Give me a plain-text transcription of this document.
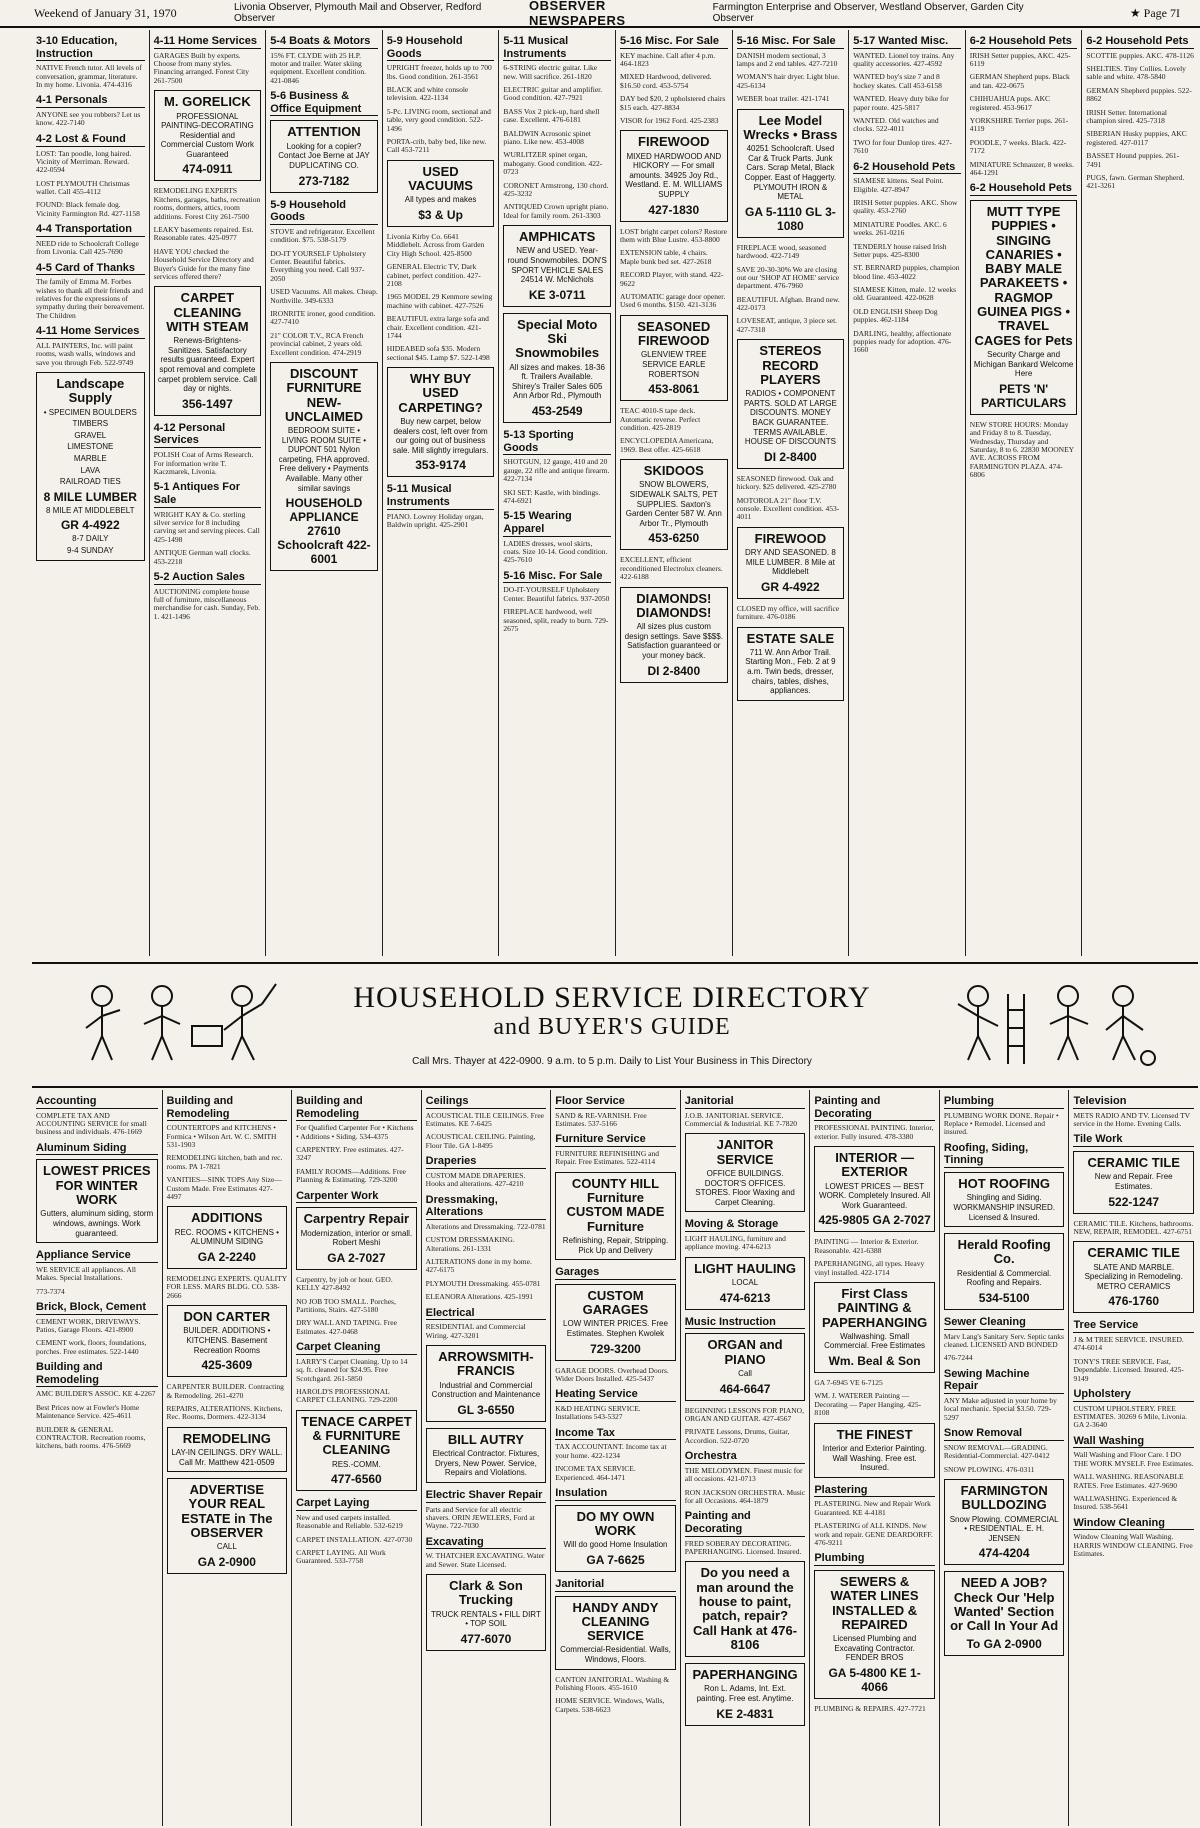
Weekend of January 31, 1970	Livonia Observer, Plymouth Mail and Observer, Redford Observer
OBSERVER NEWSPAPERS
Farmington Enterprise and Observer, Westland Observer, Garden City Observer	★ Page 7I
3-10 Education, Instruction
NATIVE French tutor. All levels of conversation, grammar, literature. In my home. Livonia. 474-4316
4-1 Personals
ANYONE see you robbers? Let us know. 422-7140
4-2 Lost & Found
LOST: Tan poodle, long haired. Vicinity of Merriman. Reward. 422-0594
LOST PLYMOUTH Christmas wallet. Call 455-4112
FOUND: Black female dog. Vicinity Farmington Rd. 427-1158
4-4 Transportation
NEED ride to Schoolcraft College from Livonia. Call 425-7690
4-5 Card of Thanks
The family of Emma M. Forbes wishes to thank all their friends and relatives for the expressions of sympathy during their bereavement. The Children
4-11 Home Services
ALL PAINTERS, Inc. will paint rooms, wash walls, windows and save you through Feb. 522-9749
Landscape Supply
• SPECIMEN BOULDERS
TIMBERS
GRAVEL
LIMESTONE
MARBLE
LAVA
RAILROAD TIES
8 MILE LUMBER
8 MILE AT MIDDLEBELT
GR 4-4922
8-7 DAILY
9-4 SUNDAY
4-11 Home Services
GARAGES Built by experts. Choose from many styles. Financing arranged. Forest City 261-7500
M. GORELICK
PROFESSIONAL PAINTING-DECORATING Residential and Commercial Custom Work Guaranteed
474-0911
REMODELING EXPERTS Kitchens, garages, baths, recreation rooms, dormers, attics, room additions. Forest City 261-7500
LEAKY basements repaired. Est. Reasonable rates. 425-0977
HAVE YOU checked the Household Service Directory and Buyer's Guide for the many fine services offered there?
CARPET CLEANING WITH STEAM
Renews-Brightens-Sanitizes. Satisfactory results guaranteed. Expert spot removal and complete carpet problem service. Call day or nights.
356-1497
4-12 Personal Services
POLISH Coat of Arms Research. For information write T. Kaczmarek, Livonia.
5-1 Antiques For Sale
WRIGHT KAY & Co. sterling silver service for 8 including carving set and serving pieces. Call 425-1498
ANTIQUE German wall clocks. 453-2218
5-2 Auction Sales
AUCTIONING complete house full of furniture, miscellaneous merchandise for cash. Sunday, Feb. 1. 421-1496
5-4 Boats & Motors
15% FT. CLYDE with 25 H.P. motor and trailer. Water skiing equipment. Excellent condition. 421-0846
5-6 Business & Office Equipment
ATTENTION
Looking for a copier? Contact Joe Berne at JAY DUPLICATING CO.
273-7182
5-9 Household Goods
STOVE and refrigerator. Excellent condition. $75. 538-5179
DO-IT YOURSELF Upholstery Center. Beautiful fabrics. Everything you need. Call 937-2050
USED Vacuums. All makes. Cheap. Northville. 349-6333
IRONRITE ironer, good condition. 427-7410
21" COLOR T.V., RCA French provincial cabinet, 2 years old. Excellent condition. 474-2919
DISCOUNT FURNITURE NEW-UNCLAIMED
BEDROOM SUITE • LIVING ROOM SUITE • DUPONT 501 Nylon carpeting, FHA approved. Free delivery • Payments Available. Many other similar savings
HOUSEHOLD APPLIANCE 27610 Schoolcraft 422-6001
5-9 Household Goods
UPRIGHT freezer, holds up to 700 lbs. Good condition. 261-3561
BLACK and white console television. 422-1134
5-Pc. LIVING room, sectional and table, very good condition. 522-1496
PORTA-crib, baby bed, like new. Call 453-7211
USED VACUUMS
All types and makes
$3 & Up
Livonia Kirby Co. 6641 Middlebelt. Across from Garden City High School. 425-8500
GENERAL Electric TV, Dark cabinet, perfect condition. 427-2108
1965 MODEL 29 Kenmore sewing machine with cabinet. 427-7526
BEAUTIFUL extra large sofa and chair. Excellent condition. 421-1744
HIDEABED sofa $35. Modern sectional $45. Lamp $7. 522-1498
WHY BUY USED CARPETING?
Buy new carpet, below dealers cost, left over from our going out of business sale. Mill slightly irregulars.
353-9174
5-11 Musical Instruments
PIANO. Lowrey Holiday organ, Baldwin upright. 425-2901
5-11 Musical Instruments
6-STRING electric guitar. Like new. Will sacrifice. 261-1820
ELECTRIC guitar and amplifier. Good condition. 427-7921
BASS Vox 2 pick-up, hard shell case. Excellent. 476-6181
BALDWIN Acrosonic spinet piano. Like new. 453-4008
WURLITZER spinet organ, mahogany. Good condition. 422-0723
CORONET Armstrong, 130 chord. 425-3232
ANTIQUED Crown upright piano. Ideal for family room. 261-3303
AMPHICATS
NEW and USED. Year-round Snowmobiles. DON'S SPORT VEHICLE SALES 24514 W. McNichols
KE 3-0711
Special Moto Ski Snowmobiles
All sizes and makes. 18-36 ft. Trailers Available. Shirey's Trailer Sales 605 Ann Arbor Rd., Plymouth
453-2549
5-13 Sporting Goods
SHOTGUN, 12 gauge, 410 and 20 gauge, 22 rifle and antique firearm. 422-7134
SKI SET: Kastle, with bindings. 474-6921
5-15 Wearing Apparel
LADIES dresses, wool skirts, coats. Size 10-14. Good condition. 425-7610
5-16 Misc. For Sale
DO-IT-YOURSELF Upholstery Center. Beautiful fabrics. 937-2050
FIREPLACE hardwood, well seasoned, split, ready to burn. 729-2675
5-16 Misc. For Sale
KEY machine. Call after 4 p.m. 464-1823
MIXED Hardwood, delivered. $16.50 cord. 453-5754
DAY bed $20, 2 upholstered chairs $15 each. 427-8834
VISOR for 1962 Ford. 425-2383
FIREWOOD
MIXED HARDWOOD AND HICKORY — For small amounts. 34925 Joy Rd., Westland. E. M. WILLIAMS SUPPLY
427-1830
LOST bright carpet colors? Restore them with Blue Lustre. 453-8800
EXTENSION table, 4 chairs. Maple bunk bed set. 427-2618
RECORD Player, with stand. 422-9622
AUTOMATIC garage door opener. Used 6 months. $150. 421-3136
SEASONED FIREWOOD
GLENVIEW TREE SERVICE EARLE ROBERTSON
453-8061
TEAC 4010-S tape deck. Automatic reverse. Perfect condition. 425-2819
ENCYCLOPEDIA Americana, 1969. Best offer. 425-6618
SKIDOOS
SNOW BLOWERS, SIDEWALK SALTS, PET SUPPLIES. Saxton's Garden Center 587 W. Ann Arbor Tr., Plymouth
453-6250
EXCELLENT, efficient reconditioned Electrolux cleaners. 422-6188
DIAMONDS! DIAMONDS!
All sizes plus custom design settings. Save $$$$. Satisfaction guaranteed or your money back.
DI 2-8400
5-16 Misc. For Sale
DANISH modern sectional, 3 lamps and 2 end tables. 427-7210
WOMAN'S hair dryer. Light blue. 425-6134
WEBER boat trailer. 421-1741
Lee Model Wrecks • Brass
40251 Schoolcraft. Used Car & Truck Parts. Junk Cars. Scrap Metal, Black Copper. East of Haggerty. PLYMOUTH IRON & METAL
GA 5-1110 GL 3-1080
FIREPLACE wood, seasoned hardwood. 422-7149
SAVE 20-30-30% We are closing out our 'SHOP AT HOME' service department. 476-7960
BEAUTIFUL Afghan. Brand new. 422-0173
LOVESEAT, antique, 3 piece set. 427-7318
STEREOS RECORD PLAYERS
RADIOS • COMPONENT PARTS. SOLD AT LARGE DISCOUNTS. MONEY BACK GUARANTEE. TERMS AVAILABLE. HOUSE OF DISCOUNTS
DI 2-8400
SEASONED firewood. Oak and hickory. $25 delivered. 425-2780
MOTOROLA 21" floor T.V. console. Excellent condition. 453-4011
FIREWOOD
DRY AND SEASONED. 8 MILE LUMBER. 8 Mile at Middlebelt
GR 4-4922
CLOSED my office, will sacrifice furniture. 476-0186
ESTATE SALE
711 W. Ann Arbor Trail. Starting Mon., Feb. 2 at 9 a.m. Twin beds, dresser, chairs, tables, dishes, appliances.
5-17 Wanted Misc.
WANTED. Lionel toy trains. Any quality accessories. 427-4592
WANTED boy's size 7 and 8 hockey skates. Call 453-6158
WANTED. Heavy duty bike for paper route. 425-5817
WANTED. Old watches and clocks. 522-4011
TWO for four Dunlop tires. 427-7610
6-2 Household Pets
SIAMESE kittens. Seal Point. Eligible. 427-8947
IRISH Setter puppies. AKC. Show quality. 453-2760
MINIATURE Poodles. AKC. 6 weeks. 261-0216
TENDERLY house raised Irish Setter pups. 425-8300
ST. BERNARD puppies, champion blood line. 453-4022
SIAMESE Kitten, male. 12 weeks old. Guaranteed. 422-0628
OLD ENGLISH Sheep Dog puppies. 462-1184
DARLING, healthy, affectionate puppies ready for adoption. 476-1660
6-2 Household Pets
IRISH Setter puppies, AKC. 425-6119
GERMAN Shepherd pups. Black and tan. 422-0675
CHIHUAHUA pups. AKC registered. 453-9617
YORKSHIRE Terrier pups. 261-4119
POODLE, 7 weeks. Black. 422-7172
MINIATURE Schnauzer, 8 weeks. 464-1291
6-2 Household Pets
MUTT TYPE PUPPIES • SINGING CANARIES • BABY MALE PARAKEETS • RAGMOP GUINEA PIGS • TRAVEL CAGES for Pets
Security Charge and Michigan Bankard Welcome Here
PETS 'N' PARTICULARS
NEW STORE HOURS: Monday and Friday 8 to 8. Tuesday, Wednesday, Thursday and Saturday, 8 to 6. 22830 MOONEY AVE. ACROSS FROM FARMINGTON PLAZA. 474-6806
6-2 Household Pets
SCOTTIE puppies. AKC. 478-1126
SHELTIES. Tiny Collies. Lovely sable and white. 478-5840
GERMAN Shepherd puppies. 522-8862
IRISH Setter. International champion sired. 425-7318
SIBERIAN Husky puppies, AKC registered. 427-0117
BASSET Hound puppies. 261-7491
PUGS, fawn. German Shepherd. 421-3261
HOUSEHOLD SERVICE DIRECTORY
and BUYER'S GUIDE
Call Mrs. Thayer at 422-0900. 9 a.m. to 5 p.m. Daily to List Your Business in This Directory
Accounting
COMPLETE TAX AND ACCOUNTING SERVICE for small business and individuals. 476-1669
Aluminum Siding
LOWEST PRICES FOR WINTER WORK
Gutters, aluminum siding, storm windows, awnings. Work guaranteed.
Appliance Service
WE SERVICE all appliances. All Makes. Special Installations.
773-7374
Brick, Block, Cement
CEMENT WORK, DRIVEWAYS. Patios, Garage Floors. 421-8900
CEMENT work, floors, foundations, porches. Free estimates. 522-1440
Building and Remodeling
AMC BUILDER'S ASSOC. KE 4-2267
Best Prices now at Fowler's Home Maintenance Service. 425-4611
BUILDER & GENERAL CONTRACTOR. Recreation rooms, kitchens, bath rooms. 476-5669
Building and Remodeling
COUNTERTOPS and KITCHENS • Formica • Wilson Art. W. C. SMITH 531-1903
REMODELING kitchen, bath and rec. rooms. PA 1-7821
VANITIES—SINK TOPS Any Size—Custom Made. Free Estimates 427-4497
ADDITIONS
REC. ROOMS • KITCHENS • ALUMINUM SIDING
GA 2-2240
REMODELING EXPERTS. QUALITY FOR LESS. MARS BLDG. CO. 538-2666
DON CARTER
BUILDER. ADDITIONS • KITCHENS. Basement Recreation Rooms
425-3609
CARPENTER BUILDER. Contracting & Remodeling. 261-4270
REPAIRS, ALTERATIONS. Kitchens, Rec. Rooms, Dormers. 422-3134
REMODELING
LAY-IN CEILINGS. DRY WALL. Call Mr. Matthew 421-0509
ADVERTISE YOUR REAL ESTATE in The OBSERVER
CALL
GA 2-0900
Building and Remodeling
For Qualified Carpenter For • Kitchens • Additions • Siding. 534-4375
CARPENTRY. Free estimates. 427-3247
FAMILY ROOMS—Additions. Free Planning & Estimating. 729-3200
Carpenter Work
Carpentry Repair
Modernization, interior or small. Robert Meshi
GA 2-7027
Carpentry, by job or hour. GEO. KELLY 427-8492
NO JOB TOO SMALL. Porches, Partitions, Stairs. 427-5180
DRY WALL AND TAPING. Free Estimates. 427-0468
Carpet Cleaning
LARRY'S Carpet Cleaning. Up to 14 sq. ft. cleaned for $24.95. Free Scotchgard. 261-5850
HAROLD'S PROFESSIONAL CARPET CLEANING. 729-2200
TENACE CARPET & FURNITURE CLEANING
RES.-COMM.
477-6560
Carpet Laying
New and used carpets installed. Reasonable and Reliable. 532-6219
CARPET INSTALLATION. 427-0730
CARPET LAYING. All Work Guaranteed. 533-7758
Ceilings
ACOUSTICAL TILE CEILINGS. Free Estimates. KE 7-6425
ACOUSTICAL CEILING. Painting, Floor Tile. GA 1-8495
Draperies
CUSTOM MADE DRAPERIES. Hooks and alterations. 427-4210
Dressmaking, Alterations
Alterations and Dressmaking. 722-0781
CUSTOM DRESSMAKING. Alterations. 261-1331
ALTERATIONS done in my home. 427-6175
PLYMOUTH Dressmaking. 455-0781
ELEANORA Alterations. 425-1991
Electrical
RESIDENTIAL and Commercial Wiring. 427-3201
ARROWSMITH-FRANCIS
Industrial and Commercial Construction and Maintenance
GL 3-6550
BILL AUTRY
Electrical Contractor. Fixtures, Dryers, New Power. Service, Repairs and Violations.
Electric Shaver Repair
Parts and Service for all electric shavers. ORIN JEWELERS, Ford at Wayne. 722-7030
Excavating
W. THATCHER EXCAVATING. Water and Sewer. State Licensed.
Clark & Son Trucking
TRUCK RENTALS • FILL DIRT • TOP SOIL
477-6070
Floor Service
SAND & RE-VARNISH. Free Estimates. 537-5166
Furniture Service
FURNITURE REFINISHING and Repair. Free Estimates. 522-4114
COUNTY HILL Furniture CUSTOM MADE Furniture
Refinishing, Repair, Stripping. Pick Up and Delivery
Garages
CUSTOM GARAGES
LOW WINTER PRICES. Free Estimates. Stephen Kwolek
729-3200
GARAGE DOORS. Overhead Doors. Wider Doors Installed. 425-5437
Heating Service
K&D HEATING SERVICE. Installations 543-5327
Income Tax
TAX ACCOUNTANT. Income tax at your home. 422-1234
INCOME TAX SERVICE. Experienced. 464-1471
Insulation
DO MY OWN WORK
Will do good Home Insulation
GA 7-6625
Janitorial
HANDY ANDY CLEANING SERVICE
Commercial-Residential. Walls, Windows, Floors.
CANTON JANITORIAL. Washing & Polishing Floors. 455-1610
HOME SERVICE. Windows, Walls, Carpets. 538-6623
Janitorial
J.O.B. JANITORIAL SERVICE. Commercial & Industrial. KE 7-7820
JANITOR SERVICE
OFFICE BUILDINGS. DOCTOR'S OFFICES. STORES. Floor Waxing and Carpet Cleaning.
Moving & Storage
LIGHT HAULING, furniture and appliance moving. 474-6213
LIGHT HAULING
LOCAL
474-6213
Music Instruction
ORGAN and PIANO
Call
464-6647
BEGINNING LESSONS FOR PIANO, ORGAN AND GUITAR. 427-4567
PRIVATE Lessons, Drums, Guitar, Accordion. 522-0720
Orchestra
THE MELODYMEN. Finest music for all occasions. 421-0713
RON JACKSON ORCHESTRA. Music for all Occasions. 464-1879
Painting and Decorating
FRED SOBERAY DECORATING. PAPERHANGING. Licensed. Insured.
Do you need a man around the house to paint, patch, repair? Call Hank at 476-8106
PAPERHANGING
Ron L. Adams, Int. Ext. painting. Free est. Anytime.
KE 2-4831
Painting and Decorating
PROFESSIONAL PAINTING. Interior, exterior. Fully insured. 478-3380
INTERIOR — EXTERIOR
LOWEST PRICES — BEST WORK. Completely Insured. All Work Guaranteed.
425-9805 GA 2-7027
PAINTING — Interior & Exterior. Reasonable. 421-6388
PAPERHANGING, all types. Heavy vinyl installed. 422-1714
First Class PAINTING & PAPERHANGING
Wallwashing. Small Commercial. Free Estimates
Wm. Beal & Son
GA 7-6945 VE 6-7125
WM. J. WATERER Painting — Decorating — Paper Hanging. 425-8108
THE FINEST
Interior and Exterior Painting. Wall Washing. Free est. Insured.
Plastering
PLASTERING. New and Repair Work Guaranteed. KE 4-4181
PLASTERING of ALL KINDS. New work and repair. GENE DEARDORFF. 476-9211
Plumbing
SEWERS & WATER LINES INSTALLED & REPAIRED
Licensed Plumbing and Excavating Contractor. FENDER BROS
GA 5-4800 KE 1-4066
PLUMBING & REPAIRS. 427-7721
Plumbing
PLUMBING WORK DONE. Repair • Replace • Remodel. Licensed and insured.
Roofing, Siding, Tinning
HOT ROOFING
Shingling and Siding. WORKMANSHIP INSURED. Licensed & Insured.
Herald Roofing Co.
Residential & Commercial. Roofing and Repairs.
534-5100
Sewer Cleaning
Marv Lang's Sanitary Serv. Septic tanks cleaned. LICENSED AND BONDED
476-7244
Sewing Machine Repair
ANY Make adjusted in your home by local mechanic. Special $3.50. 729-5297
Snow Removal
SNOW REMOVAL—GRADING. Residential-Commercial. 427-0412
SNOW PLOWING. 476-0311
FARMINGTON BULLDOZING
Snow Plowing. COMMERCIAL • RESIDENTIAL. E. H. JENSEN
474-4204
NEED A JOB? Check Our 'Help Wanted' Section or Call In Your Ad
To GA 2-0900
Television
METS RADIO AND TV. Licensed TV service in the Home. Evening Calls.
Tile Work
CERAMIC TILE
New and Repair. Free Estimates.
522-1247
CERAMIC TILE. Kitchens, bathrooms. NEW, REPAIR, REMODEL. 427-6751
CERAMIC TILE
SLATE AND MARBLE. Specializing in Remodeling. METRO CERAMICS
476-1760
Tree Service
J & M TREE SERVICE. INSURED. 474-6014
TONY'S TREE SERVICE. Fast, Dependable. Licensed. Insured. 425-9149
Upholstery
CUSTOM UPHOLSTERY. FREE ESTIMATES. 30269 6 Mile, Livonia. GA 2-3640
Wall Washing
Wall Washing and Floor Care. I DO THE WORK MYSELF. Free Estimates.
WALL WASHING. REASONABLE RATES. Free Estimates. 427-9690
WALLWASHING. Experienced & Insured. 538-5641
Window Cleaning
Window Cleaning Wall Washing. HARRIS WINDOW CLEANING. Free Estimates.
